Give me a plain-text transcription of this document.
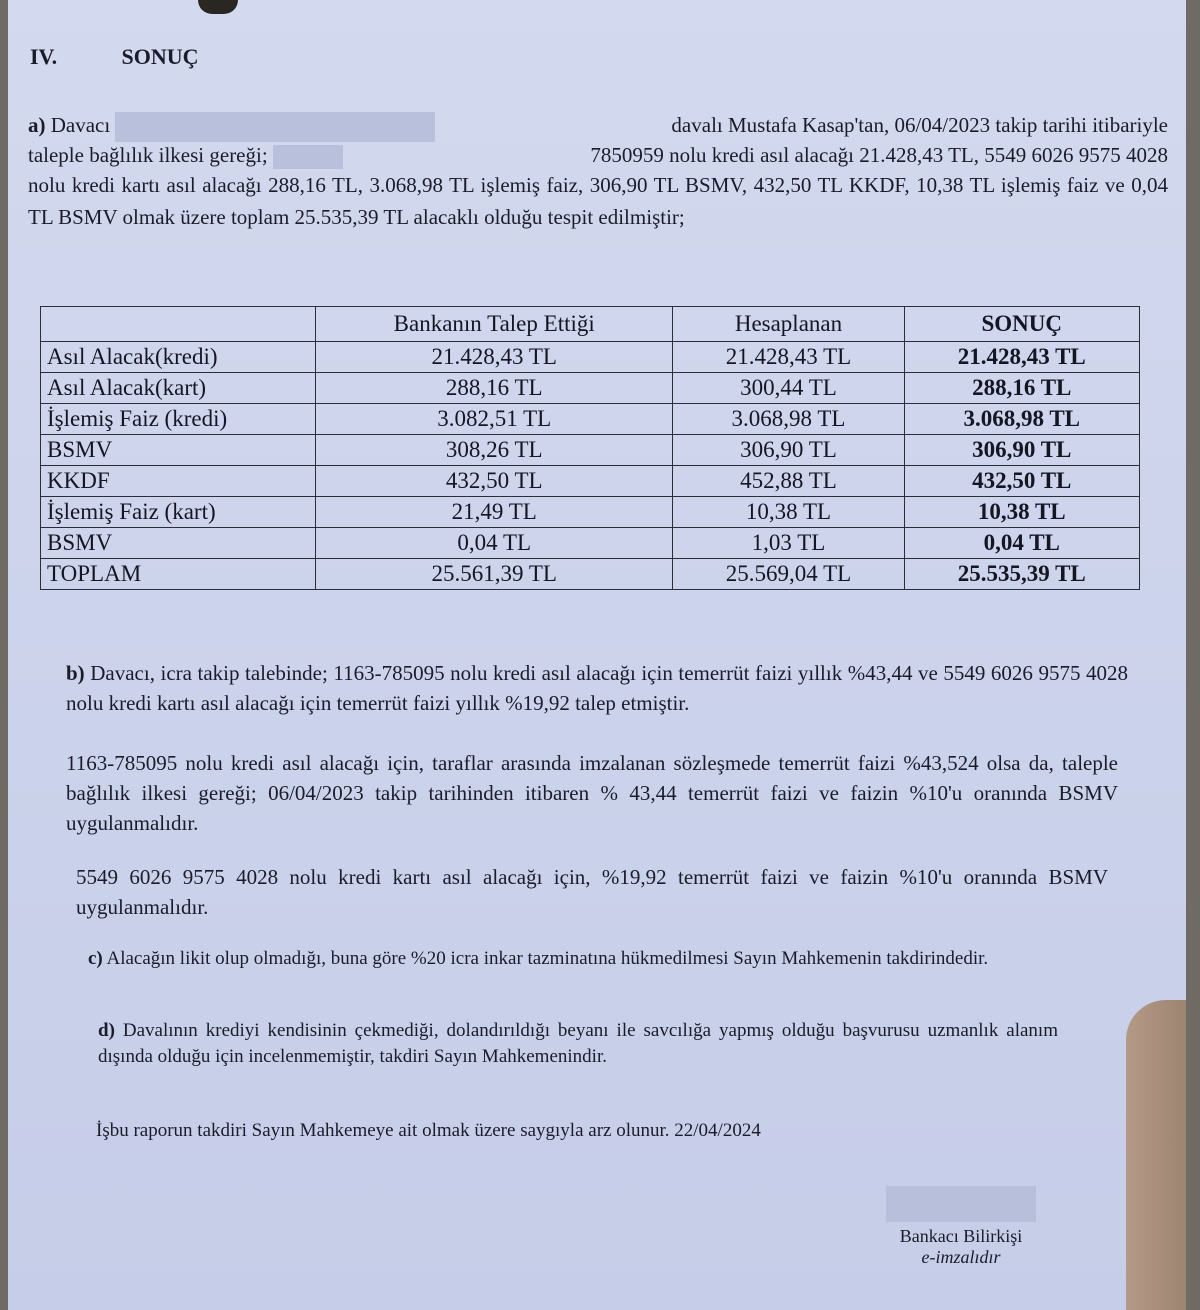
IV.	SONUÇ
a) Davacı	davalı Mustafa Kasap'tan, 06/04/2023 takip tarihi itibariyle
taleple bağlılık ilkesi gereği;	7850959 nolu kredi asıl alacağı 21.428,43 TL, 5549 6026 9575 4028
nolu kredi kartı asıl alacağı 288,16 TL, 3.068,98 TL işlemiş faiz, 306,90 TL BSMV, 432,50 TL KKDF, 10,38 TL işlemiş faiz ve 0,04 TL BSMV olmak üzere toplam 25.535,39 TL alacaklı olduğu tespit edilmiştir;
	Bankanın Talep Ettiği	Hesaplanan	SONUÇ
Asıl Alacak(kredi)	21.428,43 TL	21.428,43 TL	21.428,43 TL
Asıl Alacak(kart)	288,16 TL	300,44 TL	288,16 TL
İşlemiş Faiz (kredi)	3.082,51 TL	3.068,98 TL	3.068,98 TL
BSMV	308,26 TL	306,90 TL	306,90 TL
KKDF	432,50 TL	452,88 TL	432,50 TL
İşlemiş Faiz (kart)	21,49 TL	10,38 TL	10,38 TL
BSMV	0,04 TL	1,03 TL	0,04 TL
TOPLAM	25.561,39 TL	25.569,04 TL	25.535,39 TL
b) Davacı, icra takip talebinde; 1163-785095 nolu kredi asıl alacağı için temerrüt faizi yıllık %43,44 ve 5549 6026 9575 4028 nolu kredi kartı asıl alacağı için temerrüt faizi yıllık %19,92 talep etmiştir.
1163-785095 nolu kredi asıl alacağı için, taraflar arasında imzalanan sözleşmede temerrüt faizi %43,524 olsa da, taleple bağlılık ilkesi gereği; 06/04/2023 takip tarihinden itibaren % 43,44 temerrüt faizi ve faizin %10'u oranında BSMV uygulanmalıdır.
5549 6026 9575 4028 nolu kredi kartı asıl alacağı için, %19,92 temerrüt faizi ve faizin %10'u oranında BSMV uygulanmalıdır.
c) Alacağın likit olup olmadığı, buna göre %20 icra inkar tazminatına hükmedilmesi Sayın Mahkemenin takdirindedir.
d) Davalının krediyi kendisinin çekmediği, dolandırıldığı beyanı ile savcılığa yapmış olduğu başvurusu uzmanlık alanım dışında olduğu için incelenmemiştir, takdiri Sayın Mahkemenindir.
İşbu raporun takdiri Sayın Mahkemeye ait olmak üzere saygıyla arz olunur. 22/04/2024
Bankacı Bilirkişi
e-imzalıdır
